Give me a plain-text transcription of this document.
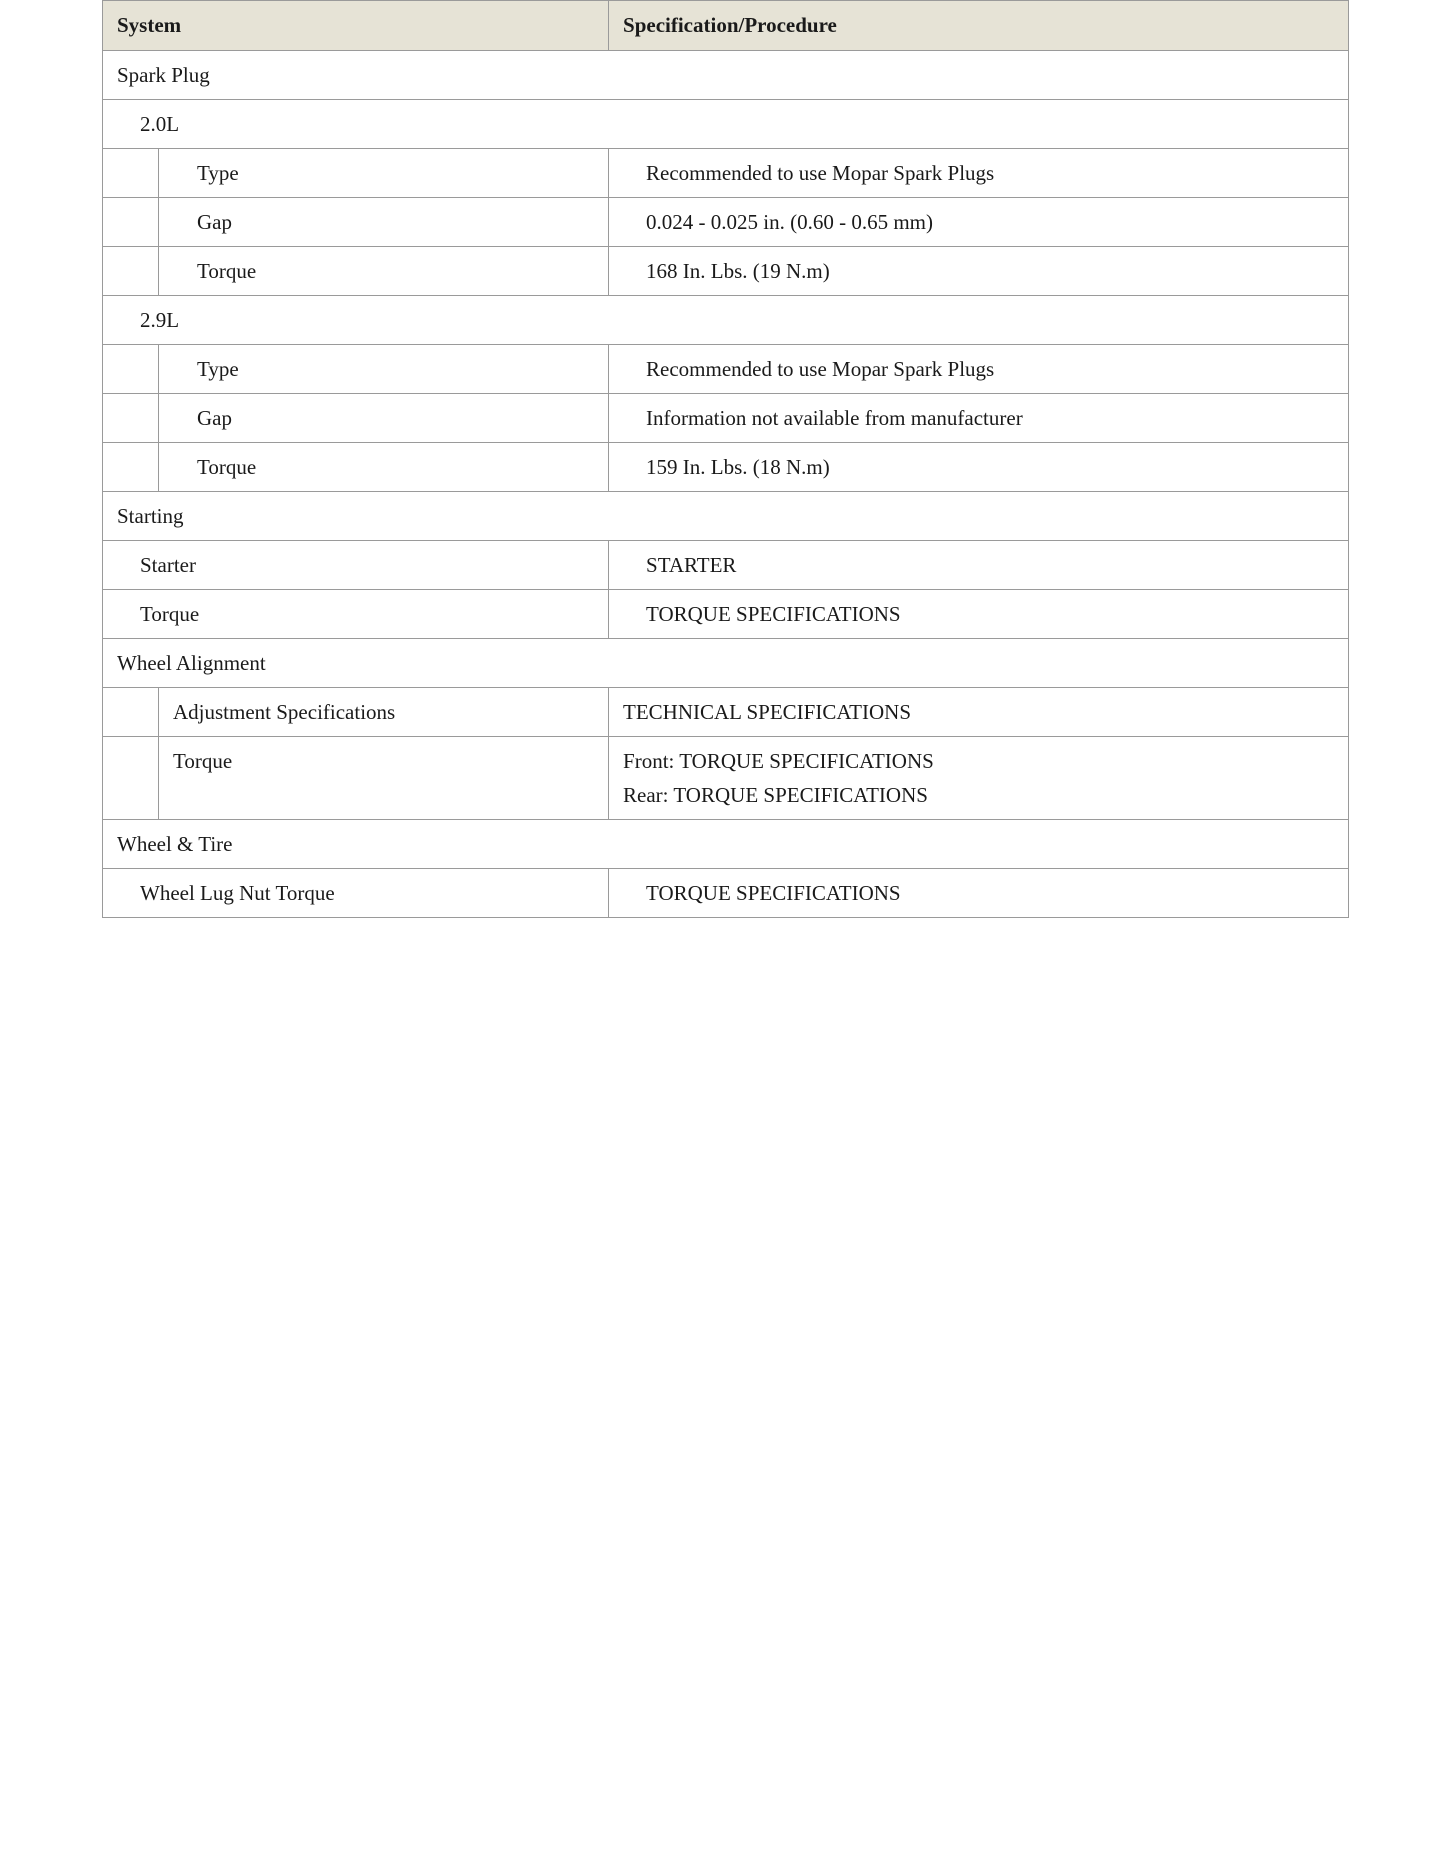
System		Specification/Procedure

Spark Plug		

2.0L		

	Type	Recommended to use Mopar Spark Plugs

	Gap	0.024 - 0.025 in. (0.60 - 0.65 mm)

	Torque	168 In. Lbs. (19 N.m)

2.9L		

	Type	Recommended to use Mopar Spark Plugs

	Gap	Information not available from manufacturer

	Torque	159 In. Lbs. (18 N.m)

Starting		

Starter		STARTER

Torque		TORQUE SPECIFICATIONS

Wheel Alignment		

	Adjustment Specifications	TECHNICAL SPECIFICATIONS

	Torque	Front: TORQUE SPECIFICATIONS
Rear: TORQUE SPECIFICATIONS

Wheel & Tire		

Wheel Lug Nut Torque		TORQUE SPECIFICATIONS
